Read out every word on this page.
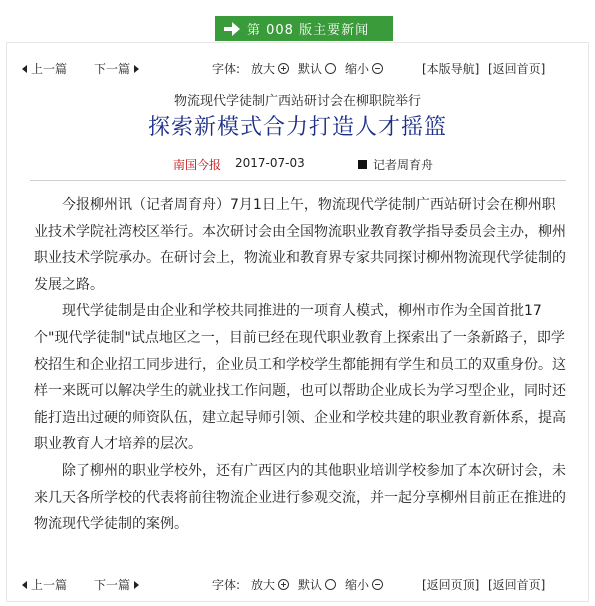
第 008 版主要新闻
上一篇 下一篇	字体: 放大 默认 缩小	[本版导航] [返回首页]
物流现代学徒制广西站研讨会在柳职院举行
探索新模式合力打造人才摇篮
南国今报 2017-07-03	记者周育舟

今报柳州讯（记者周育舟）7月1日上午，物流现代学徒制广西站研讨会在柳州职业技术学院社湾校区举行。本次研讨会由全国物流职业教育教学指导委员会主办，柳州职业技术学院承办。在研讨会上，物流业和教育界专家共同探讨柳州物流现代学徒制的发展之路。

现代学徒制是由企业和学校共同推进的一项育人模式，柳州市作为全国首批17个"现代学徒制"试点地区之一，目前已经在现代职业教育上探索出了一条新路子，即学校招生和企业招工同步进行，企业员工和学校学生都能拥有学生和员工的双重身份。这样一来既可以解决学生的就业找工作问题，也可以帮助企业成长为学习型企业，同时还能打造出过硬的师资队伍，建立起导师引领、企业和学校共建的职业教育新体系，提高职业教育人才培养的层次。

除了柳州的职业学校外，还有广西区内的其他职业培训学校参加了本次研讨会，未来几天各所学校的代表将前往物流企业进行参观交流，并一起分享柳州目前正在推进的物流现代学徒制的案例。

上一篇 下一篇	字体: 放大 默认 缩小	[返回页顶] [返回首页]
